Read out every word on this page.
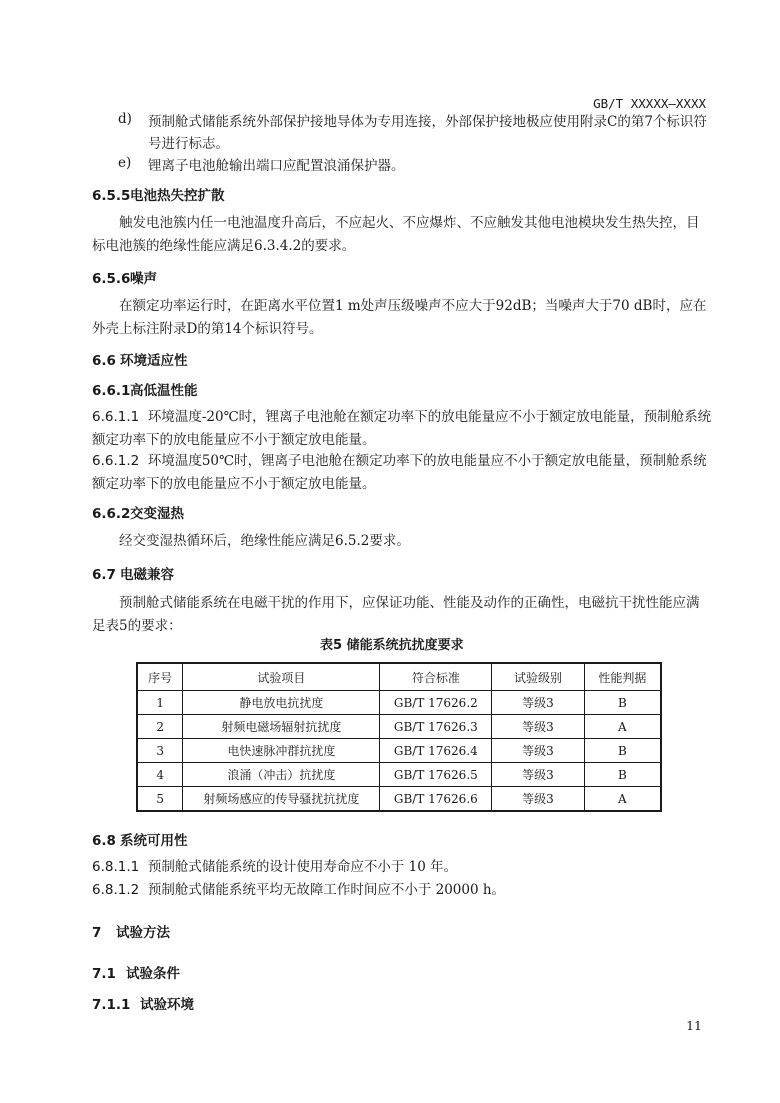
GB/T XXXXX—XXXX
d) 预制舱式储能系统外部保护接地导体为专用连接，外部保护接地极应使用附录C的第7个标识符号进行标志。
e) 锂离子电池舱输出端口应配置浪涌保护器。
6.5.5电池热失控扩散
触发电池簇内任一电池温度升高后，不应起火、不应爆炸、不应触发其他电池模块发生热失控，目标电池簇的绝缘性能应满足6.3.4.2的要求。
6.5.6噪声
在额定功率运行时，在距离水平位置1 m处声压级噪声不应大于92dB；当噪声大于70 dB时，应在外壳上标注附录D的第14个标识符号。
6.6 环境适应性
6.6.1高低温性能
6.6.1.1 环境温度-20℃时，锂离子电池舱在额定功率下的放电能量应不小于额定放电能量，预制舱系统额定功率下的放电能量应不小于额定放电能量。
6.6.1.2 环境温度50℃时，锂离子电池舱在额定功率下的放电能量应不小于额定放电能量，预制舱系统额定功率下的放电能量应不小于额定放电能量。
6.6.2交变湿热
经交变湿热循环后，绝缘性能应满足6.5.2要求。
6.7 电磁兼容
预制舱式储能系统在电磁干扰的作用下，应保证功能、性能及动作的正确性，电磁抗干扰性能应满足表5的要求：
表5 储能系统抗扰度要求
序号	试验项目	符合标准	试验级别	性能判据
1	静电放电抗扰度	GB/T 17626.2	等级3	B
2	射频电磁场辐射抗扰度	GB/T 17626.3	等级3	A
3	电快速脉冲群抗扰度	GB/T 17626.4	等级3	B
4	浪涌（冲击）抗扰度	GB/T 17626.5	等级3	B
5	射频场感应的传导骚扰抗扰度	GB/T 17626.6	等级3	A
6.8 系统可用性
6.8.1.1 预制舱式储能系统的设计使用寿命应不小于 10 年。
6.8.1.2 预制舱式储能系统平均无故障工作时间应不小于 20000 h。
7 试验方法
7.1 试验条件
7.1.1 试验环境
11
